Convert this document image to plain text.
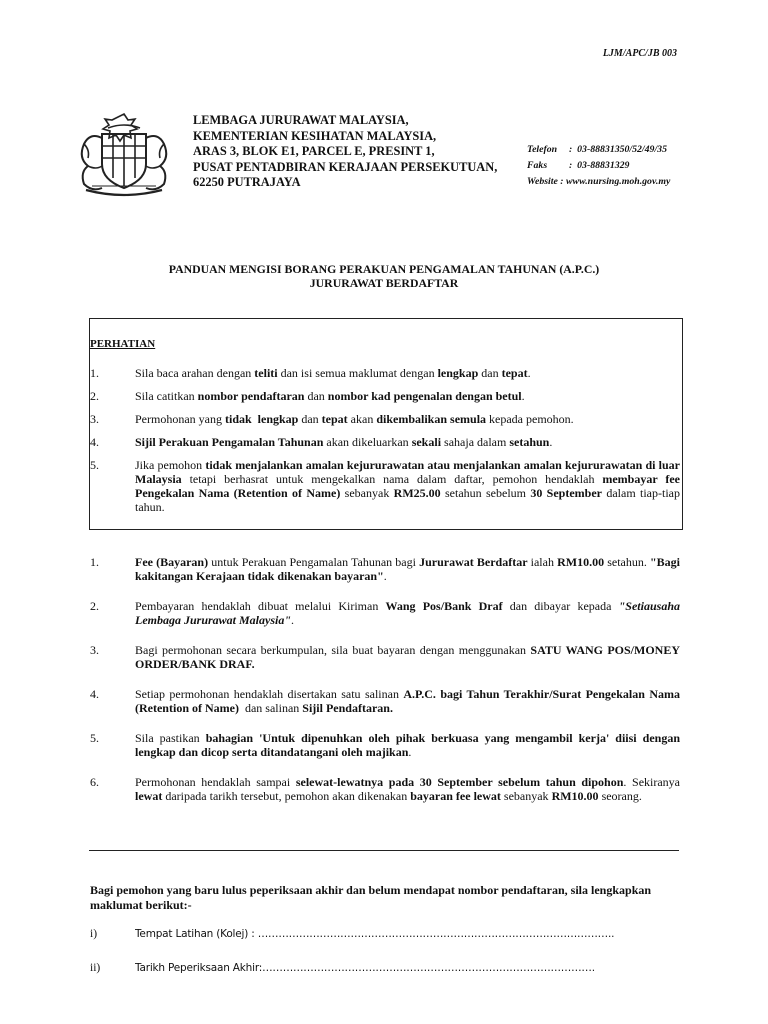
LJM/APC/JB 003
LEMBAGA JURURAWAT MALAYSIA,
KEMENTERIAN KESIHATAN MALAYSIA,
ARAS 3, BLOK E1, PARCEL E, PRESINT 1,
PUSAT PENTADBIRAN KERAJAAN PERSEKUTUAN,
62250 PUTRAJAYA
Telefon	:  03-88831350/52/49/35
Faks	:  03-88831329
Website : www.nursing.moh.gov.my
PANDUAN MENGISI BORANG PERAKUAN PENGAMALAN TAHUNAN (A.P.C.)
JURURAWAT BERDAFTAR
PERHATIAN
1.	Sila baca arahan dengan teliti dan isi semua maklumat dengan lengkap dan tepat.
2.	Sila catitkan nombor pendaftaran dan nombor kad pengenalan dengan betul.
3.	Permohonan yang tidak  lengkap dan tepat akan dikembalikan semula kepada pemohon.
4.	Sijil Perakuan Pengamalan Tahunan akan dikeluarkan sekali sahaja dalam setahun.
5.	Jika pemohon tidak menjalankan amalan kejururawatan atau menjalankan amalan kejururawatan di luar Malaysia tetapi berhasrat untuk mengekalkan nama dalam daftar, pemohon hendaklah membayar fee Pengekalan Nama (Retention of Name) sebanyak RM25.00 setahun sebelum 30 September dalam tiap-tiap tahun.
1.	Fee (Bayaran) untuk Perakuan Pengamalan Tahunan bagi Jururawat Berdaftar ialah RM10.00 setahun. "Bagi kakitangan Kerajaan tidak dikenakan bayaran".
2.	Pembayaran hendaklah dibuat melalui Kiriman Wang Pos/Bank Draf dan dibayar kepada "Setiausaha Lembaga Jururawat Malaysia".
3.	Bagi permohonan secara berkumpulan, sila buat bayaran dengan menggunakan SATU WANG POS/MONEY ORDER/BANK DRAF.
4.	Setiap permohonan hendaklah disertakan satu salinan A.P.C. bagi Tahun Terakhir/Surat Pengekalan Nama (Retention of Name)  dan salinan Sijil Pendaftaran.
5.	Sila pastikan bahagian 'Untuk dipenuhkan oleh pihak berkuasa yang mengambil kerja' diisi dengan lengkap dan dicop serta ditandatangani oleh majikan.
6.	Permohonan hendaklah sampai selewat-lewatnya pada 30 September sebelum tahun dipohon. Sekiranya lewat daripada tarikh tersebut, pemohon akan dikenakan bayaran fee lewat sebanyak RM10.00 seorang.
Bagi pemohon yang baru lulus peperiksaan akhir dan belum mendapat nombor pendaftaran, sila lengkapkan maklumat berikut:-
i)	Tempat Latihan (Kolej) : …………………………………………………………………………………………..
ii)	Tarikh Peperiksaan Akhir:…………………………………………………………………………………….
